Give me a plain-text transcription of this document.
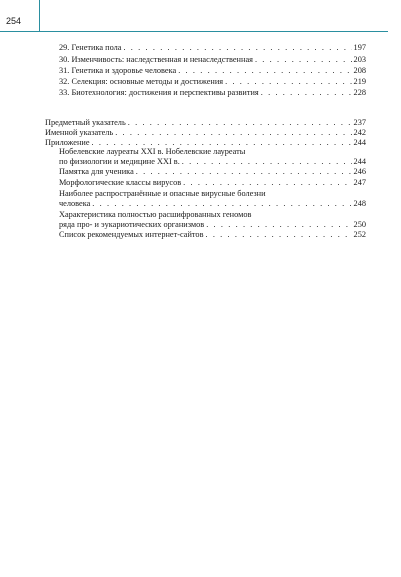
254
29. Генетика пола . . .	197
30. Изменчивость: наследственная и ненаследственная . . .	203
31. Генетика и здоровье человека . . .	208
32. Селекция: основные методы и достижения . . .	219
33. Биотехнология: достижения и перспективы развития . . .	228
Предметный указатель . . .	237
Именной указатель . . .	242
Приложение . . .	244
Нобелевские лауреаты XXI в. Нобелевские лауреаты
по физиологии и медицине XXI в. . . .	244
Памятка для ученика . . .	246
Морфологические классы вирусов . . .	247
Наиболее распространённые и опасные вирусные болезни
человека . . .	248
Характеристика полностью расшифрованных геномов
ряда про- и эукариотических организмов . . .	250
Список рекомендуемых интернет-сайтов . . .	252
